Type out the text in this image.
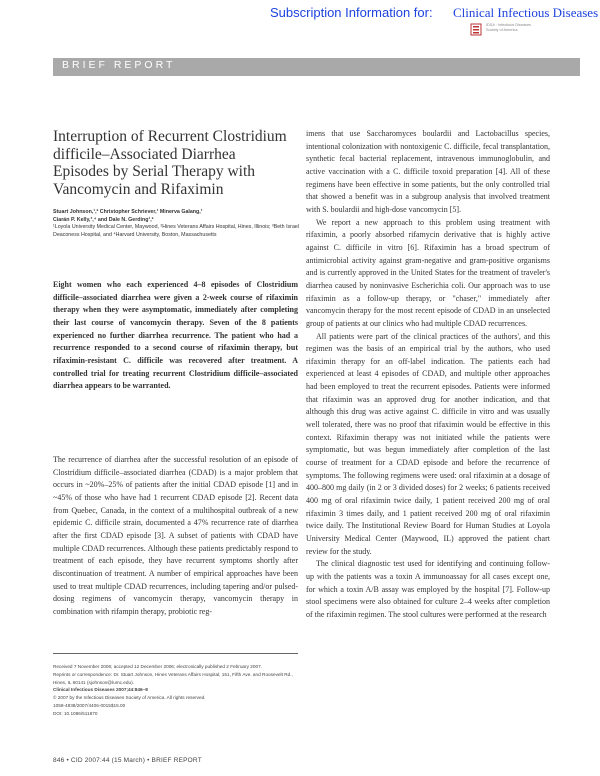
Subscription Information for: Clinical Infectious Diseases
IDSA · Infectious Diseases
Society of America
BRIEF REPORT
Interruption of Recurrent Clostridium difficile–Associated Diarrhea Episodes by Serial Therapy with Vancomycin and Rifaximin
Stuart Johnson,¹,² Christopher Schriever,¹ Minerva Galang,¹
Ciarán P. Kelly,³,⁴ and Dale N. Gerding¹,²
¹Loyola University Medical Center, Maywood, ²Hines Veterans Affairs Hospital, Hines, Illinois; ³Beth Israel Deaconess Hospital, and ⁴Harvard University, Boston, Massachusetts

Eight women who each experienced 4–8 episodes of Clostridium difficile–associated diarrhea were given a 2-week course of rifaximin therapy when they were asymptomatic, immediately after completing their last course of vancomycin therapy. Seven of the 8 patients experienced no further diarrhea recurrence. The patient who had a recurrence responded to a second course of rifaximin therapy, but rifaximin-resistant C. difficile was recovered after treatment. A controlled trial for treating recurrent Clostridium difficile–associated diarrhea appears to be warranted.

The recurrence of diarrhea after the successful resolution of an episode of Clostridium difficile–associated diarrhea (CDAD) is a major problem that occurs in ~20%–25% of patients after the initial CDAD episode [1] and in ~45% of those who have had 1 recurrent CDAD episode [2]. Recent data from Quebec, Canada, in the context of a multihospital outbreak of a new epidemic C. difficile strain, documented a 47% recurrence rate of diarrhea after the first CDAD episode [3]. A subset of patients with CDAD have multiple CDAD recurrences. Although these patients predictably respond to treatment of each episode, they have recurrent symptoms shortly after discontinuation of treatment. A number of empirical approaches have been used to treat multiple CDAD recurrences, including tapering and/or pulsed-dosing regimens of vancomycin therapy, vancomycin therapy in combination with rifampin therapy, probiotic reg-

imens that use Saccharomyces boulardii and Lactobacillus species, intentional colonization with nontoxigenic C. difficile, fecal transplantation, synthetic fecal bacterial replacement, intravenous immunoglobulin, and active vaccination with a C. difficile toxoid preparation [4]. All of these regimens have been effective in some patients, but the only controlled trial that showed a benefit was in a subgroup analysis that involved treatment with S. boulardii and high-dose vancomycin [5].

We report a new approach to this problem using treatment with rifaximin, a poorly absorbed rifamycin derivative that is highly active against C. difficile in vitro [6]. Rifaximin has a broad spectrum of antimicrobial activity against gram-negative and gram-positive organisms and is currently approved in the United States for the treatment of traveler's diarrhea caused by noninvasive Escherichia coli. Our approach was to use rifaximin as a follow-up therapy, or "chaser," immediately after vancomycin therapy for the most recent episode of CDAD in an unselected group of patients at our clinics who had multiple CDAD recurrences.

All patients were part of the clinical practices of the authors', and this regimen was the basis of an empirical trial by the authors, who used rifaximin therapy for an off-label indication. The patients each had experienced at least 4 episodes of CDAD, and multiple other approaches had been employed to treat the recurrent episodes. Patients were informed that rifaximin was an approved drug for another indication, and that although this drug was active against C. difficile in vitro and was usually well tolerated, there was no proof that rifaximin would be effective in this context. Rifaximin therapy was not initiated while the patients were symptomatic, but was begun immediately after completion of the last course of treatment for a CDAD episode and before the recurrence of symptoms. The following regimens were used: oral rifaximin at a dosage of 400–800 mg daily (in 2 or 3 divided doses) for 2 weeks; 6 patients received 400 mg of oral rifaximin twice daily, 1 patient received 200 mg of oral rifaximin 3 times daily, and 1 patient received 200 mg of oral rifaximin twice daily. The Institutional Review Board for Human Studies at Loyola University Medical Center (Maywood, IL) approved the patient chart review for the study.

The clinical diagnostic test used for identifying and continuing follow-up with the patients was a toxin A immunoassay for all cases except one, for which a toxin A/B assay was employed by the hospital [7]. Follow-up stool specimens were also obtained for culture 2–4 weeks after completion of the rifaximin regimen. The stool cultures were performed at the research

Received 7 November 2006; accepted 12 December 2006; electronically published 2 February 2007.

Reprints or correspondence: Dr. Stuart Johnson, Hines Veterans Affairs Hospital, 151, Fifth Ave. and Roosevelt Rd., Hines, IL 60141 (sjohnson@lumc.edu).

Clinical Infectious Diseases 2007;44:846–8

© 2007 by the Infectious Diseases Society of America. All rights reserved.

1058-4838/2007/4406-0015$15.00

DOI: 10.1086/511870

846 • CID 2007:44 (15 March) • BRIEF REPORT
